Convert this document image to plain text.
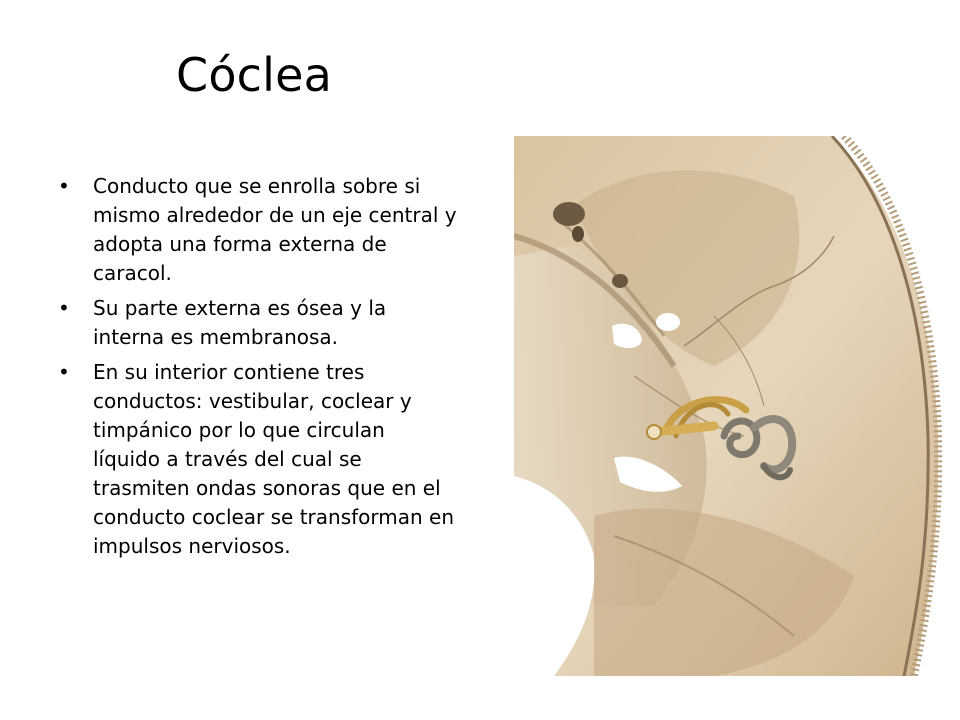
Cóclea
• Conducto que se enrolla sobre si mismo alrededor de un eje central y adopta una forma externa de caracol.
• Su parte externa es ósea y la interna es membranosa.
• En su interior contiene tres conductos: vestibular, coclear y timpánico por lo que circulan líquido a través del cual se trasmiten ondas sonoras que en el conducto coclear se transforman en impulsos nerviosos.
